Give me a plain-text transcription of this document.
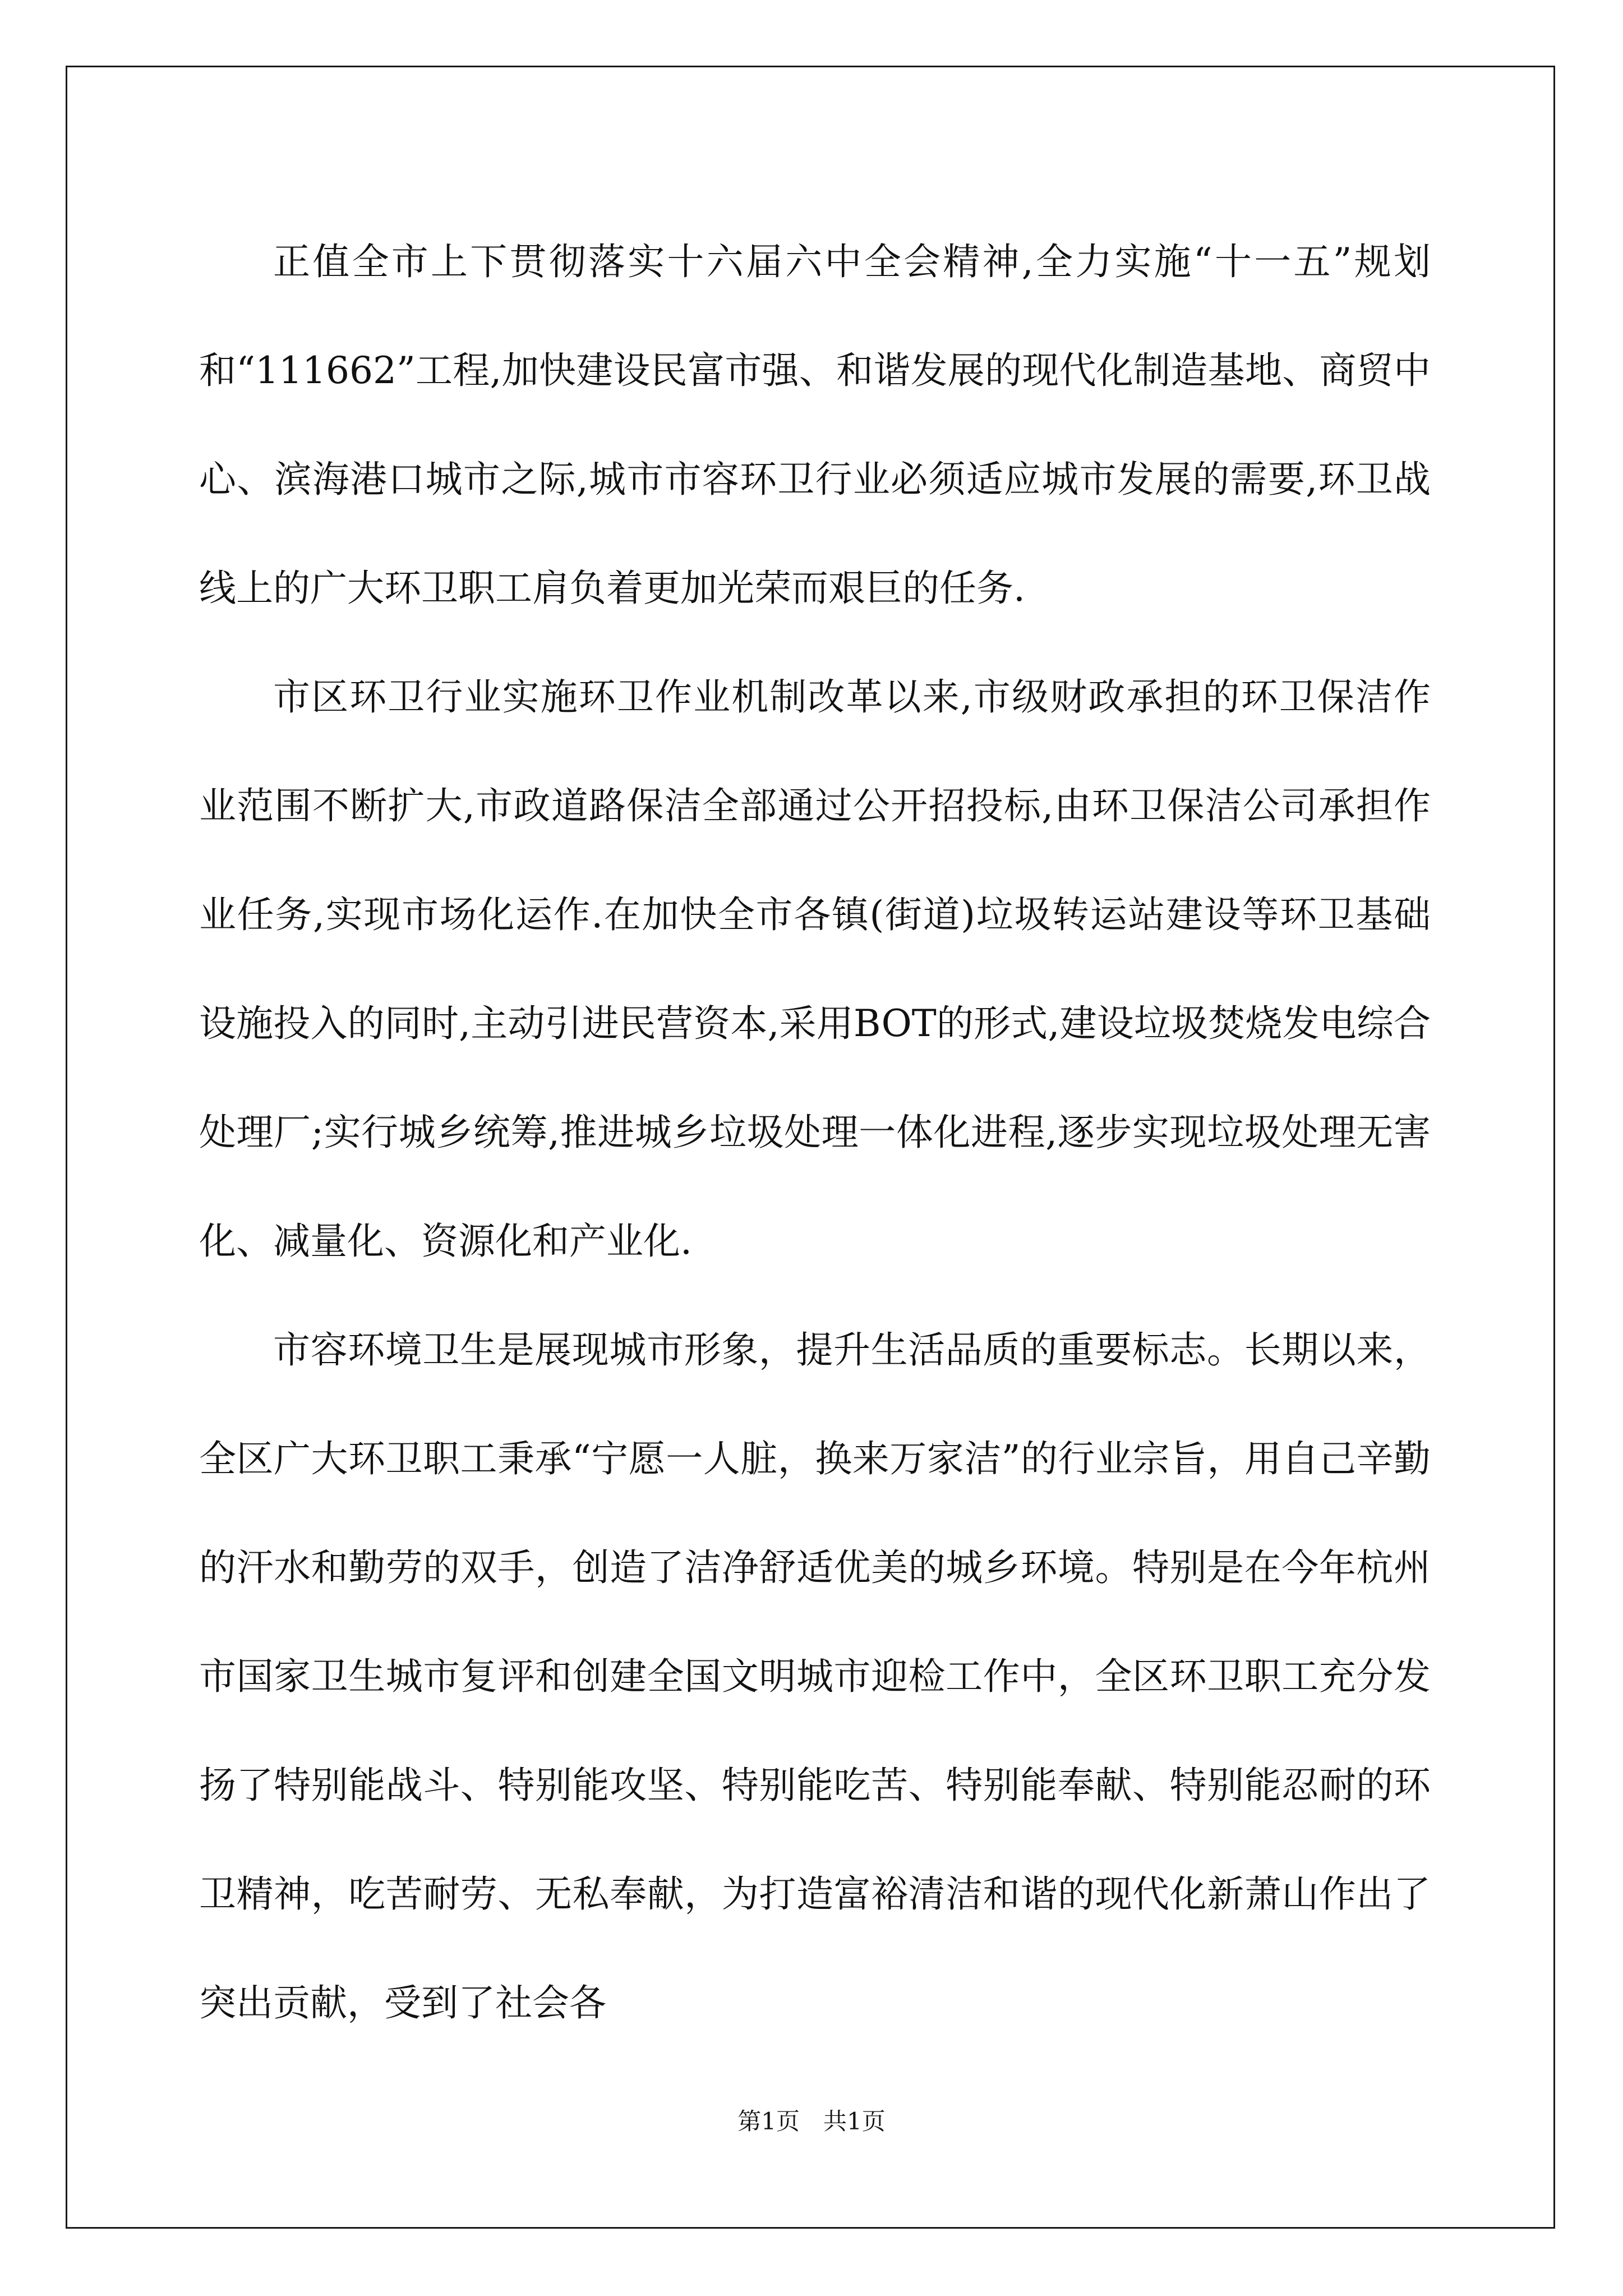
正值全市上下贯彻落实十六届六中全会精神,全力实施“十一五”规划和“111662”工程,加快建设民富市强、和谐发展的现代化制造基地、商贸中心、滨海港口城市之际,城市市容环卫行业必须适应城市发展的需要,环卫战线上的广大环卫职工肩负着更加光荣而艰巨的任务.

市区环卫行业实施环卫作业机制改革以来,市级财政承担的环卫保洁作业范围不断扩大,市政道路保洁全部通过公开招投标,由环卫保洁公司承担作业任务,实现市场化运作.在加快全市各镇(街道)垃圾转运站建设等环卫基础设施投入的同时,主动引进民营资本,采用BOT的形式,建设垃圾焚烧发电综合处理厂;实行城乡统筹,推进城乡垃圾处理一体化进程,逐步实现垃圾处理无害化、减量化、资源化和产业化.

市容环境卫生是展现城市形象，提升生活品质的重要标志。长期以来，全区广大环卫职工秉承“宁愿一人脏，换来万家洁”的行业宗旨，用自己辛勤的汗水和勤劳的双手，创造了洁净舒适优美的城乡环境。特别是在今年杭州市国家卫生城市复评和创建全国文明城市迎检工作中，全区环卫职工充分发扬了特别能战斗、特别能攻坚、特别能吃苦、特别能奉献、特别能忍耐的环卫精神，吃苦耐劳、无私奉献，为打造富裕清洁和谐的现代化新萧山作出了突出贡献，受到了社会各

第1页　共1页
